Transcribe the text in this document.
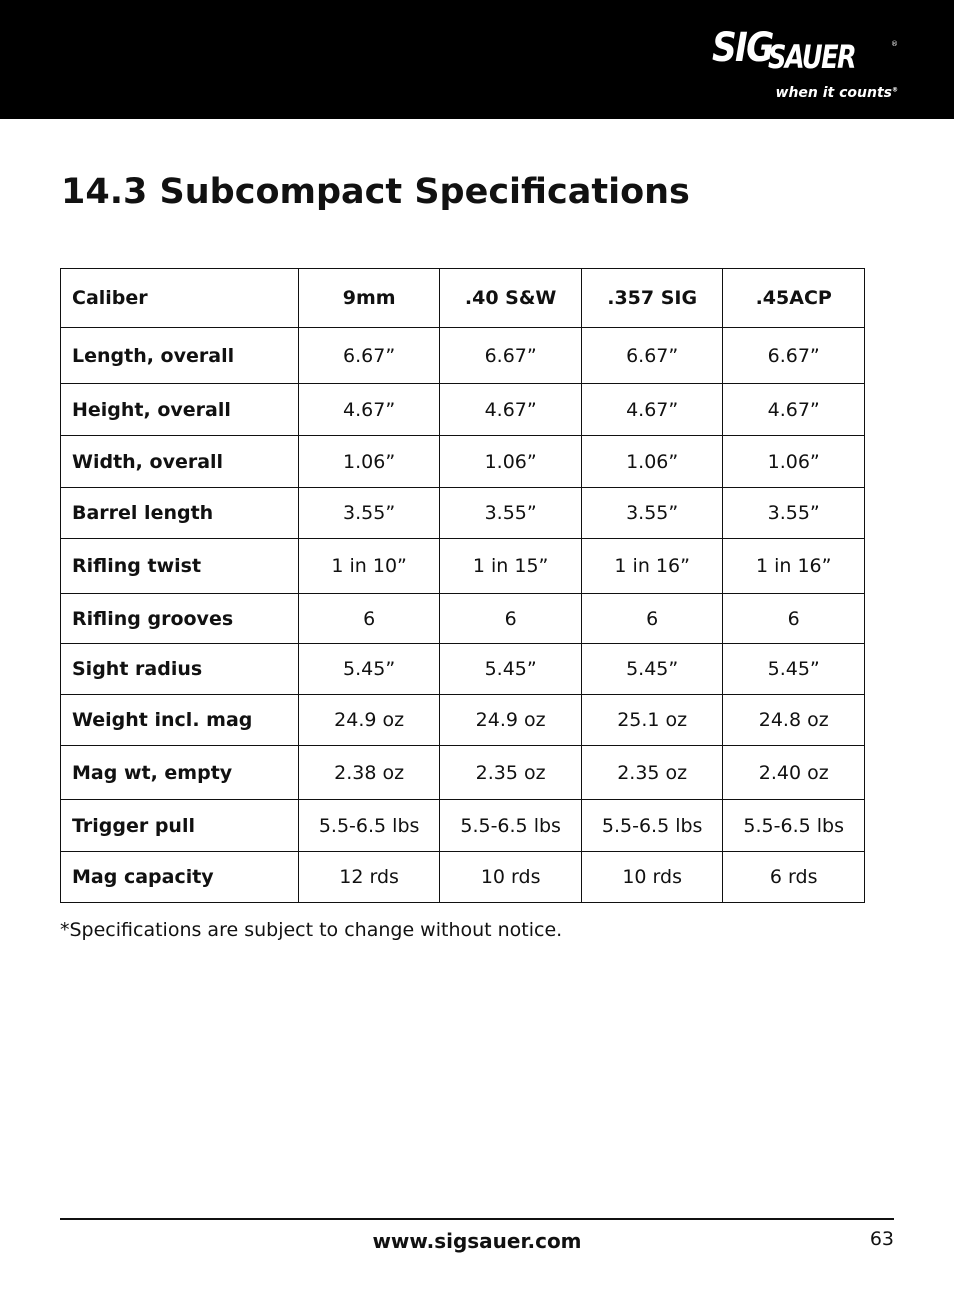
SIG
SAUER	®
when it counts®
14.3 Subcompact Specifications
Caliber	9mm	.40 S&W	.357 SIG	.45ACP
Length, overall	6.67”	6.67”	6.67”	6.67”
Height, overall	4.67”	4.67”	4.67”	4.67”
Width, overall	1.06”	1.06”	1.06”	1.06”
Barrel length	3.55”	3.55”	3.55”	3.55”
Rifling twist	1 in 10”	1 in 15”	1 in 16”	1 in 16”
Rifling grooves	6	6	6	6
Sight radius	5.45”	5.45”	5.45”	5.45”
Weight incl. mag	24.9 oz	24.9 oz	25.1 oz	24.8 oz
Mag wt, empty	2.38 oz	2.35 oz	2.35 oz	2.40 oz
Trigger pull	5.5-6.5 lbs	5.5-6.5 lbs	5.5-6.5 lbs	5.5-6.5 lbs
Mag capacity	12 rds	10 rds	10 rds	6 rds
*Specifications are subject to change without notice.
www.sigsauer.com	63
